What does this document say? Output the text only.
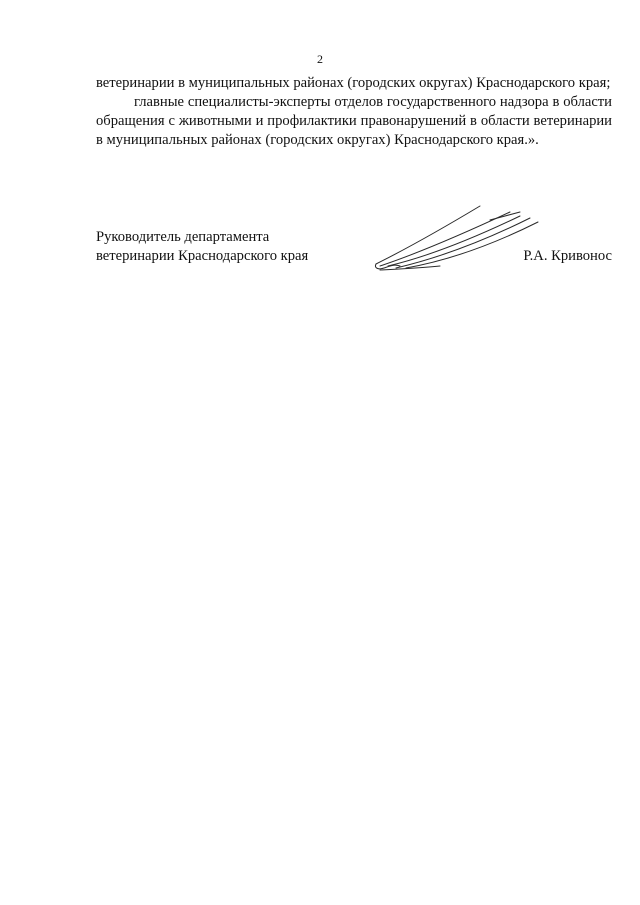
2

ветеринарии в муниципальных районах (городских округах) Краснодарского края;

главные специалисты-эксперты отделов государственного надзора в области обращения с животными и профилактики правонарушений в области ветеринарии в муниципальных районах (городских округах) Краснодарского края.».

Руководитель департамента
ветеринарии Краснодарского края	Р.А. Кривонос
